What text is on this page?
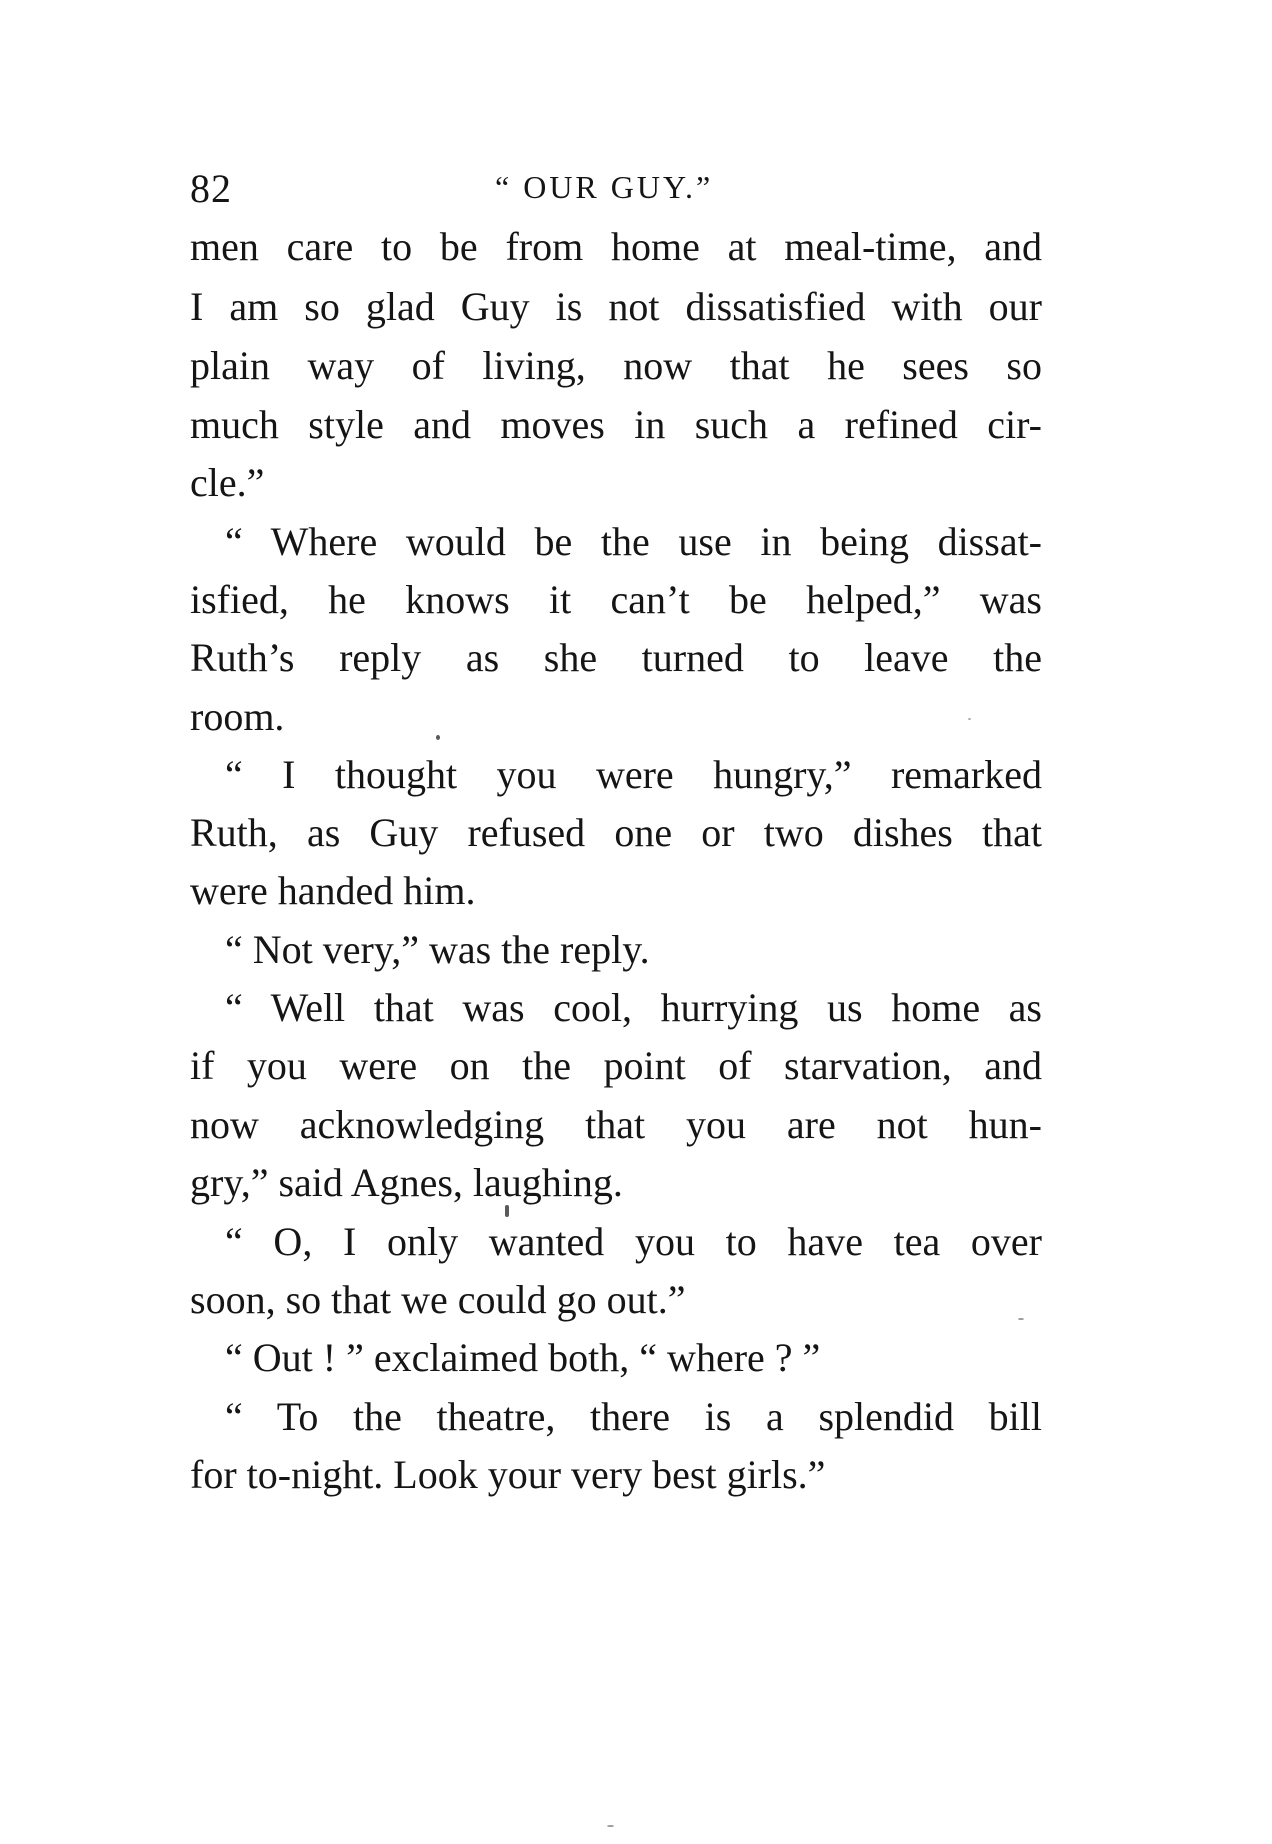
82	“ OUR GUY.”
men care to be from home at meal-time, and
I am so glad Guy is not dissatisfied with our
plain way of living, now that he sees so
much style and moves in such a refined cir-
cle.”
“ Where would be the use in being dissat-
isfied, he knows it can’t be helped,” was
Ruth’s reply as she turned to leave the
room.
“ I thought you were hungry,” remarked
Ruth, as Guy refused one or two dishes that
were handed him.
“ Not very,” was the reply.
“ Well that was cool, hurrying us home as
if you were on the point of starvation, and
now acknowledging that you are not hun-
gry,” said Agnes, laughing.
“ O, I only wanted you to have tea over
soon, so that we could go out.”
“ Out ! ” exclaimed both, “ where ? ”
“ To the theatre, there is a splendid bill
for to-night. Look your very best girls.”
